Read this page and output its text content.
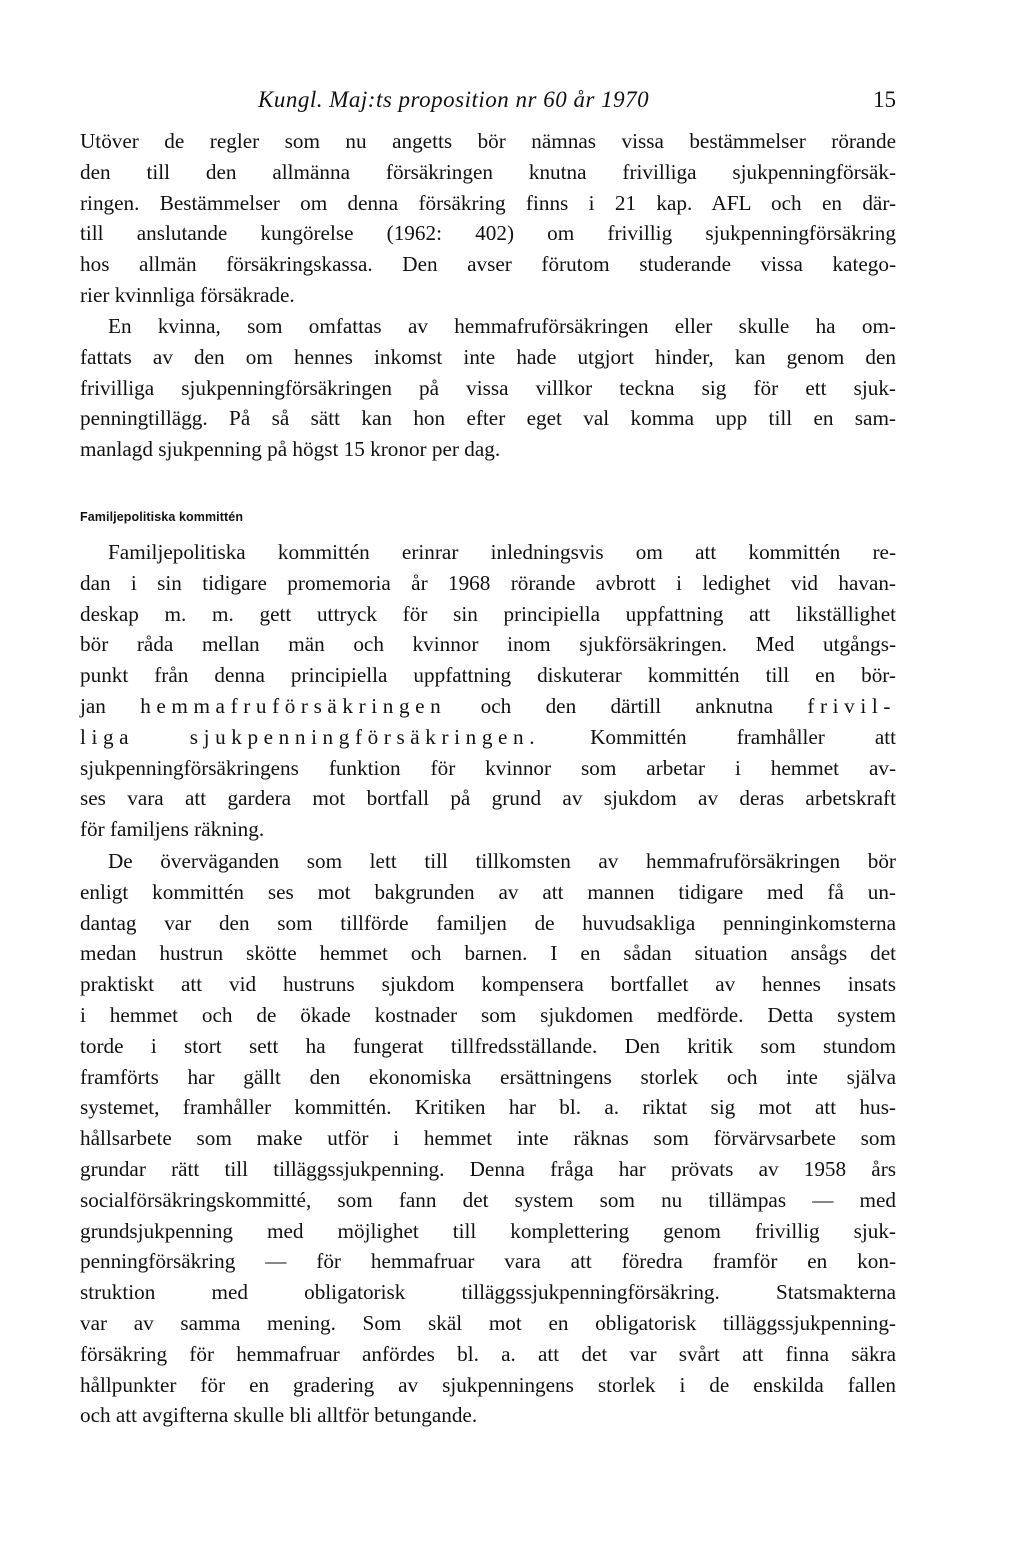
Kungl. Maj:ts proposition nr 60 år 1970	15
Utöver de regler som nu angetts bör nämnas vissa bestämmelser rörande
den till den allmänna försäkringen knutna frivilliga sjukpenningförsäk-
ringen. Bestämmelser om denna försäkring finns i 21 kap. AFL och en där-
till anslutande kungörelse (1962: 402) om frivillig sjukpenningförsäkring
hos allmän försäkringskassa. Den avser förutom studerande vissa katego-
rier kvinnliga försäkrade.
En kvinna, som omfattas av hemmafruförsäkringen eller skulle ha om-
fattats av den om hennes inkomst inte hade utgjort hinder, kan genom den
frivilliga sjukpenningförsäkringen på vissa villkor teckna sig för ett sjuk-
penningtillägg. På så sätt kan hon efter eget val komma upp till en sam-
manlagd sjukpenning på högst 15 kronor per dag.
Familjepolitiska kommittén
Familjepolitiska kommittén erinrar inledningsvis om att kommittén re-
dan i sin tidigare promemoria år 1968 rörande avbrott i ledighet vid havan-
deskap m. m. gett uttryck för sin principiella uppfattning att likställighet
bör råda mellan män och kvinnor inom sjukförsäkringen. Med utgångs-
punkt från denna principiella uppfattning diskuterar kommittén till en bör-
jan hemmafruförsäkringen och den därtill anknutna frivil-
liga sjukpenningförsäkringen. Kommittén framhåller att
sjukpenningförsäkringens funktion för kvinnor som arbetar i hemmet av-
ses vara att gardera mot bortfall på grund av sjukdom av deras arbetskraft
för familjens räkning.
De överväganden som lett till tillkomsten av hemmafruförsäkringen bör
enligt kommittén ses mot bakgrunden av att mannen tidigare med få un-
dantag var den som tillförde familjen de huvudsakliga penninginkomsterna
medan hustrun skötte hemmet och barnen. I en sådan situation ansågs det
praktiskt att vid hustruns sjukdom kompensera bortfallet av hennes insats
i hemmet och de ökade kostnader som sjukdomen medförde. Detta system
torde i stort sett ha fungerat tillfredsställande. Den kritik som stundom
framförts har gällt den ekonomiska ersättningens storlek och inte själva
systemet, framhåller kommittén. Kritiken har bl. a. riktat sig mot att hus-
hållsarbete som make utför i hemmet inte räknas som förvärvsarbete som
grundar rätt till tilläggssjukpenning. Denna fråga har prövats av 1958 års
socialförsäkringskommitté, som fann det system som nu tillämpas — med
grundsjukpenning med möjlighet till komplettering genom frivillig sjuk-
penningförsäkring — för hemmafruar vara att föredra framför en kon-
struktion med obligatorisk tilläggssjukpenningförsäkring. Statsmakterna
var av samma mening. Som skäl mot en obligatorisk tilläggssjukpenning-
försäkring för hemmafruar anfördes bl. a. att det var svårt att finna säkra
hållpunkter för en gradering av sjukpenningens storlek i de enskilda fallen
och att avgifterna skulle bli alltför betungande.
